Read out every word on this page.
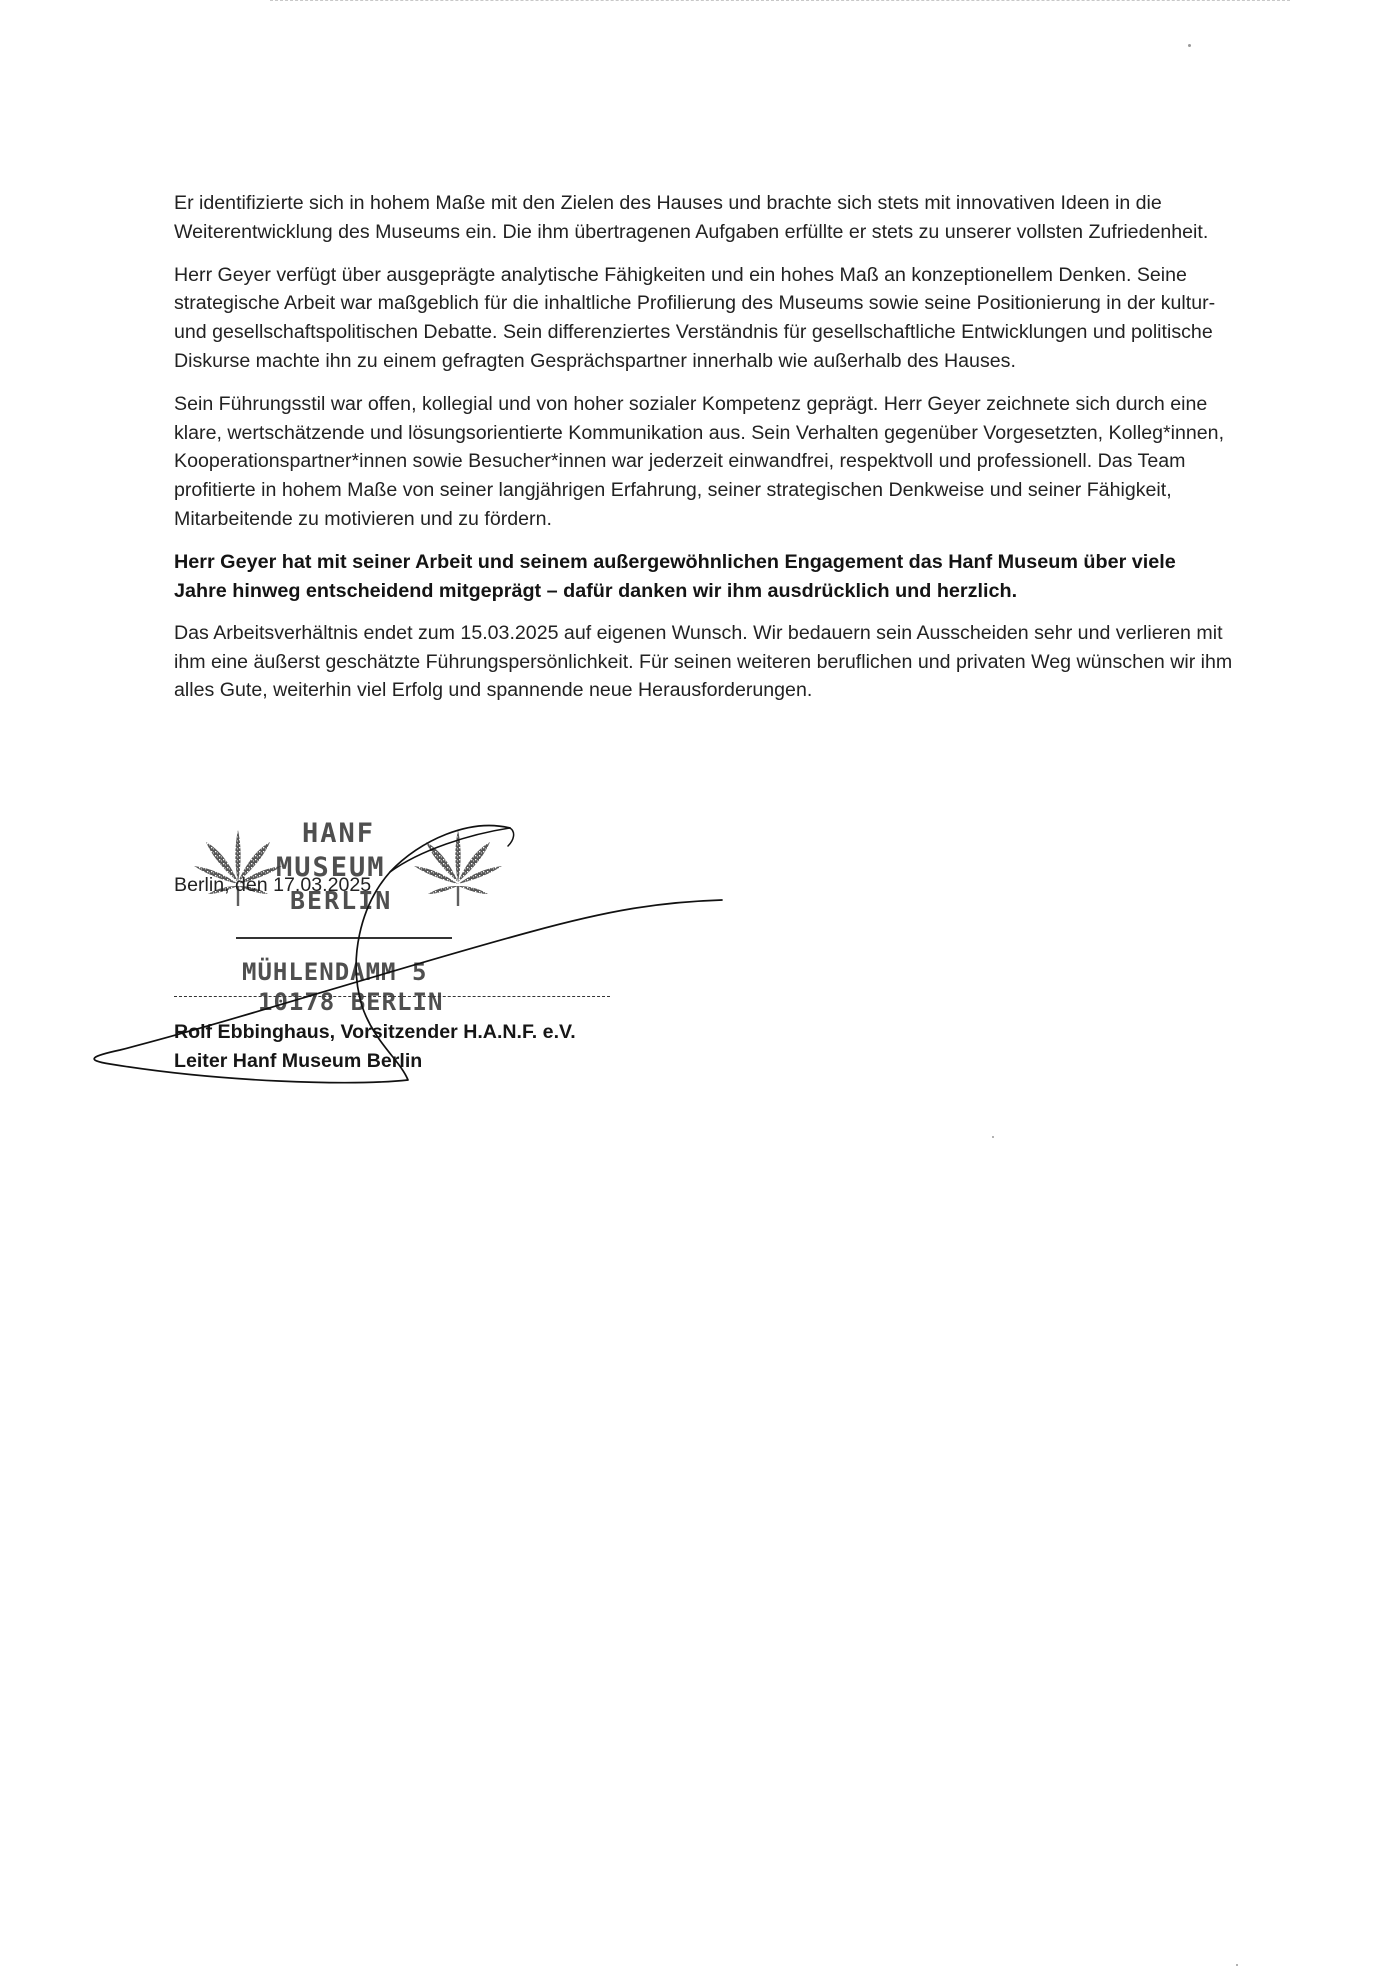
Er identifizierte sich in hohem Maße mit den Zielen des Hauses und brachte sich stets mit innovativen Ideen in die Weiterentwicklung des Museums ein. Die ihm übertragenen Aufgaben erfüllte er stets zu unserer vollsten Zufriedenheit.

Herr Geyer verfügt über ausgeprägte analytische Fähigkeiten und ein hohes Maß an konzeptionellem Denken. Seine strategische Arbeit war maßgeblich für die inhaltliche Profilierung des Museums sowie seine Positionierung in der kultur- und gesellschaftspolitischen Debatte. Sein differenziertes Verständnis für gesellschaftliche Entwicklungen und politische Diskurse machte ihn zu einem gefragten Gesprächspartner innerhalb wie außerhalb des Hauses.

Sein Führungsstil war offen, kollegial und von hoher sozialer Kompetenz geprägt. Herr Geyer zeichnete sich durch eine klare, wertschätzende und lösungsorientierte Kommunikation aus. Sein Verhalten gegenüber Vorgesetzten, Kolleg*innen, Kooperationspartner*innen sowie Besucher*innen war jederzeit einwandfrei, respektvoll und professionell. Das Team profitierte in hohem Maße von seiner langjährigen Erfahrung, seiner strategischen Denkweise und seiner Fähigkeit, Mitarbeitende zu motivieren und zu fördern.

Herr Geyer hat mit seiner Arbeit und seinem außergewöhnlichen Engagement das Hanf Museum über viele Jahre hinweg entscheidend mitgeprägt – dafür danken wir ihm ausdrücklich und herzlich.

Das Arbeitsverhältnis endet zum 15.03.2025 auf eigenen Wunsch. Wir bedauern sein Ausscheiden sehr und verlieren mit ihm eine äußerst geschätzte Führungspersönlichkeit. Für seinen weiteren beruflichen und privaten Weg wünschen wir ihm alles Gute, weiterhin viel Erfolg und spannende neue Herausforderungen.

HANF
MUSEUM
BERLIN
MÜHLENDAMM 5
10178 BERLIN
Berlin, den 17.03.2025
Rolf Ebbinghaus, Vorsitzender H.A.N.F. e.V.
Leiter Hanf Museum Berlin
